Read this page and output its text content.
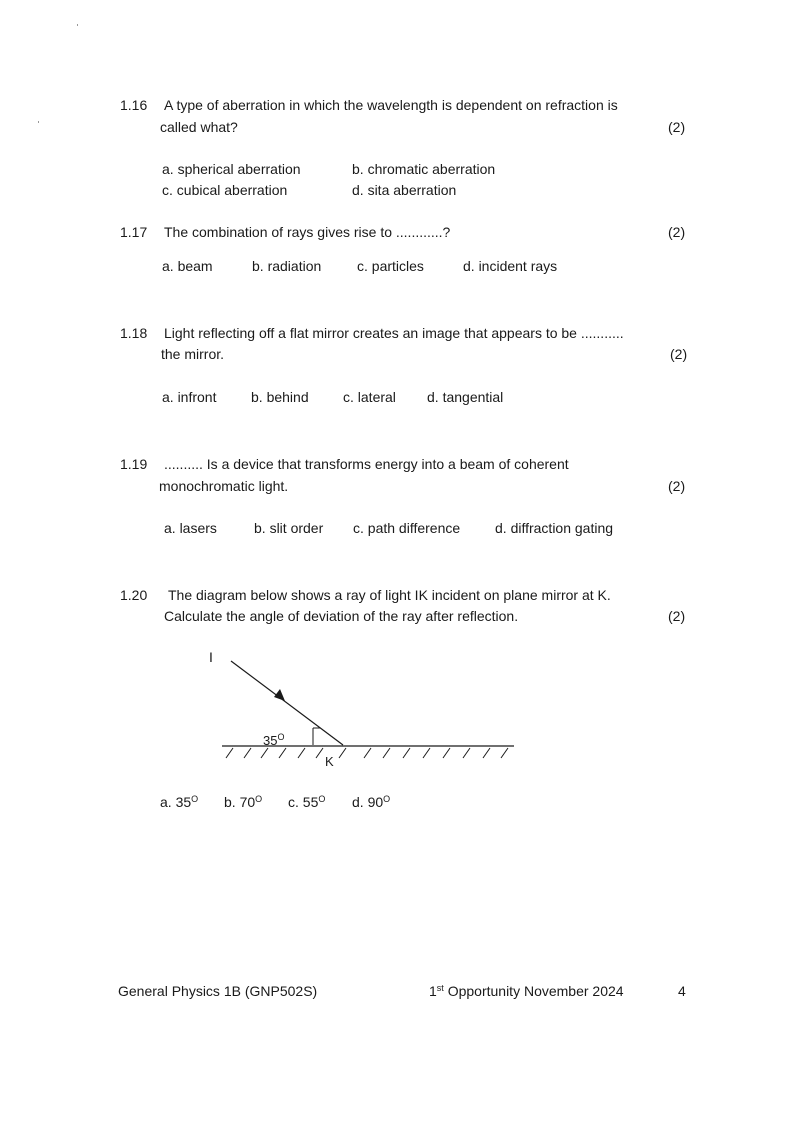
1.16 A type of aberration in which the wavelength is dependent on refraction is
called what?	(2)
a. spherical aberration	b. chromatic aberration
c. cubical aberration	d. sita aberration
1.17 The combination of rays gives rise to ............?	(2)
a. beam	b. radiation	c. particles	d. incident rays
1.18 Light reflecting off a flat mirror creates an image that appears to be ...........
the mirror.	(2)
a. infront b. behind c. lateral d. tangential
1.19 .......... Is a device that transforms energy into a beam of coherent
monochromatic light.	(2)
a. lasers	b. slit order c. path difference d. diffraction gating
1.20 The diagram below shows a ray of light IK incident on plane mirror at K.
Calculate the angle of deviation of the ray after reflection.	(2)
I
$35^O$
K
a. $35^O$ b. $70^O$ c. $55^O$ d. $90^O$
General Physics 1B (GNP502S)	1st Opportunity November 2024	4
